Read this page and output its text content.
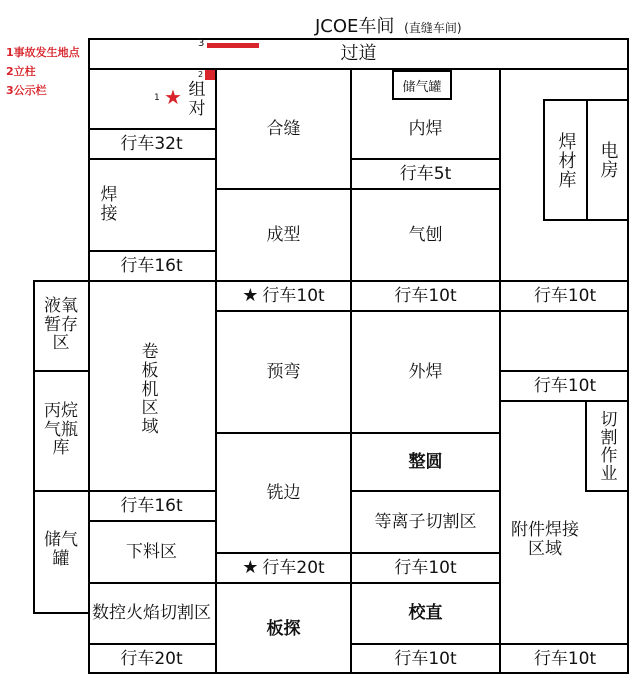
JCOE车间 (直缝车间)
1事故发生地点
2立柱
3公示栏
过道
3
储气罐
焊材库 电房
切割作业
液氧暂存区
丙烷气瓶库
储气罐
1 ★ 组对
2
行车32t
焊接
行车16t
卷板机区域
行车16t
下料区
数控火焰切割区
行车20t
合缝
成型
★ 行车10t
预弯
铣边
★ 行车20t
板探
内焊
行车5t
气刨
行车10t
外焊
整圆
等离子切割区
行车10t
校直
行车10t
行车10t
行车10t
附件焊接区域
行车10t
